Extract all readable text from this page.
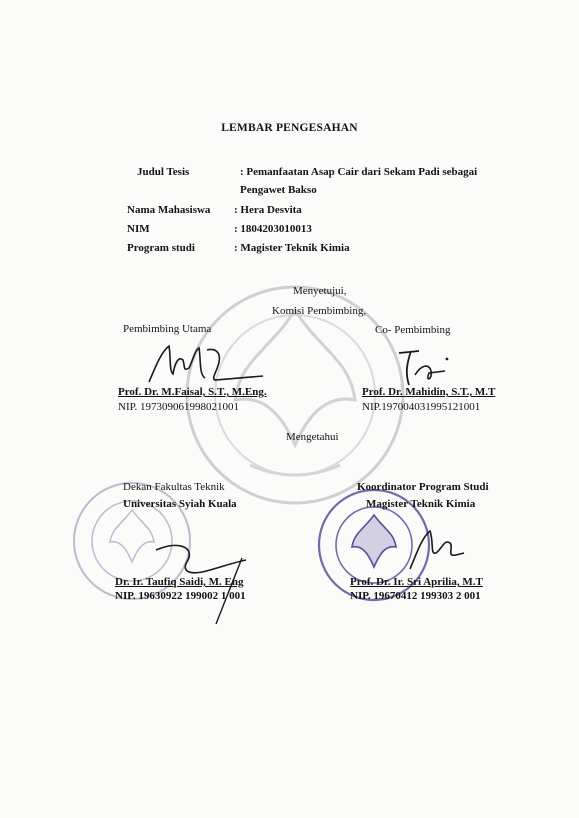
LEMBAR PENGESAHAN
Judul Tesis	: Pemanfaatan Asap Cair dari Sekam Padi sebagai
Pengawet Bakso
Nama Mahasiswa : Hera Desvita
NIM	: 1804203010013
Program studi	: Magister Teknik Kimia
Menyetujui,
Komisi Pembimbing,
Pembimbing Utama	Co- Pembimbing
Prof. Dr. M.Faisal, S.T., M.Eng.
NIP. 197309061998021001
Prof. Dr. Mahidin, S.T., M.T
NIP.197004031995121001
Mengetahui
Dekan Fakultas Teknik
Universitas Syiah Kuala
Koordinator Program Studi
Magister Teknik Kimia
Dr. Ir. Taufiq Saidi, M. Eng
NIP. 19630922 199002 1 001
Prof. Dr. Ir. Sri Aprilia, M.T
NIP. 19670412 199303 2 001
